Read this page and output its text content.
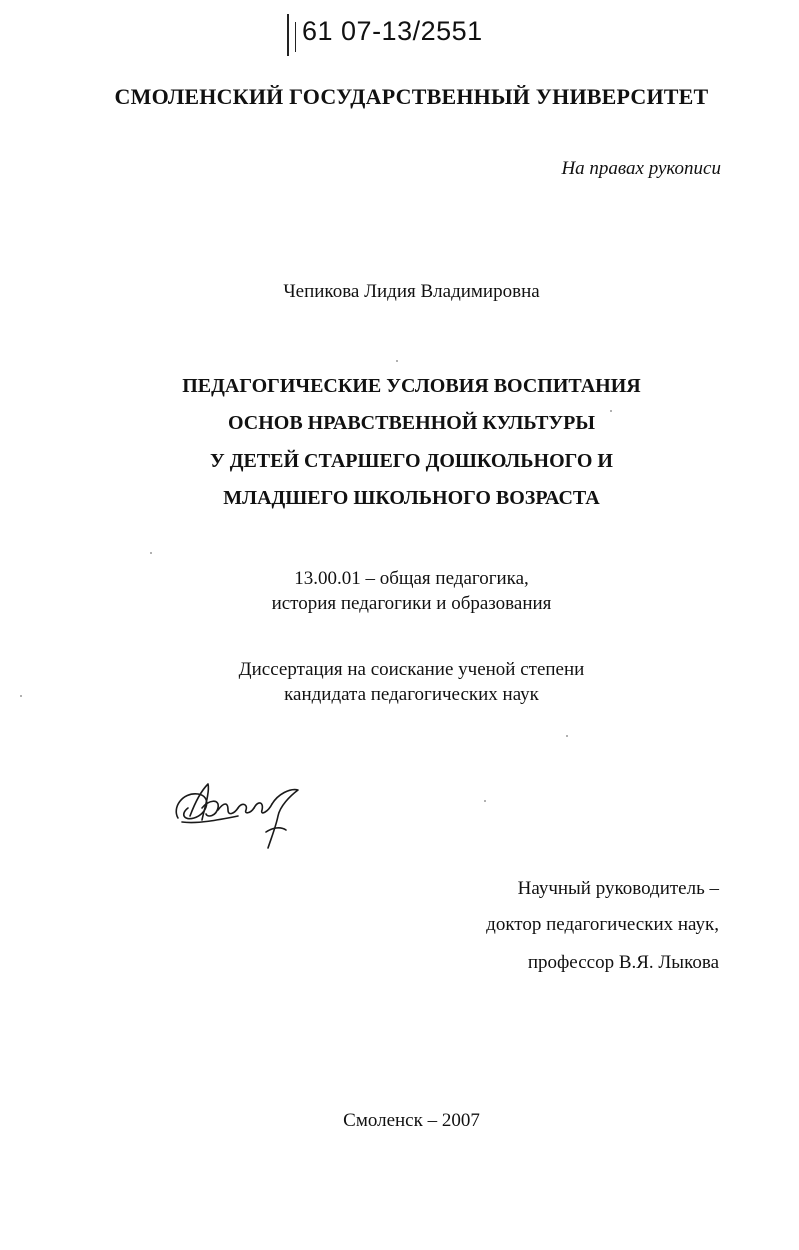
61 07-13/2551
СМОЛЕНСКИЙ ГОСУДАРСТВЕННЫЙ УНИВЕРСИТЕТ
На правах рукописи
Чепикова Лидия Владимировна
ПЕДАГОГИЧЕСКИЕ УСЛОВИЯ ВОСПИТАНИЯ
ОСНОВ НРАВСТВЕННОЙ КУЛЬТУРЫ
У ДЕТЕЙ СТАРШЕГО ДОШКОЛЬНОГО И
МЛАДШЕГО ШКОЛЬНОГО ВОЗРАСТА
13.00.01 – общая педагогика,
история педагогики и образования
Диссертация на соискание ученой степени
кандидата педагогических наук
Научный руководитель –
доктор педагогических наук,
профессор В.Я. Лыкова
Смоленск – 2007
